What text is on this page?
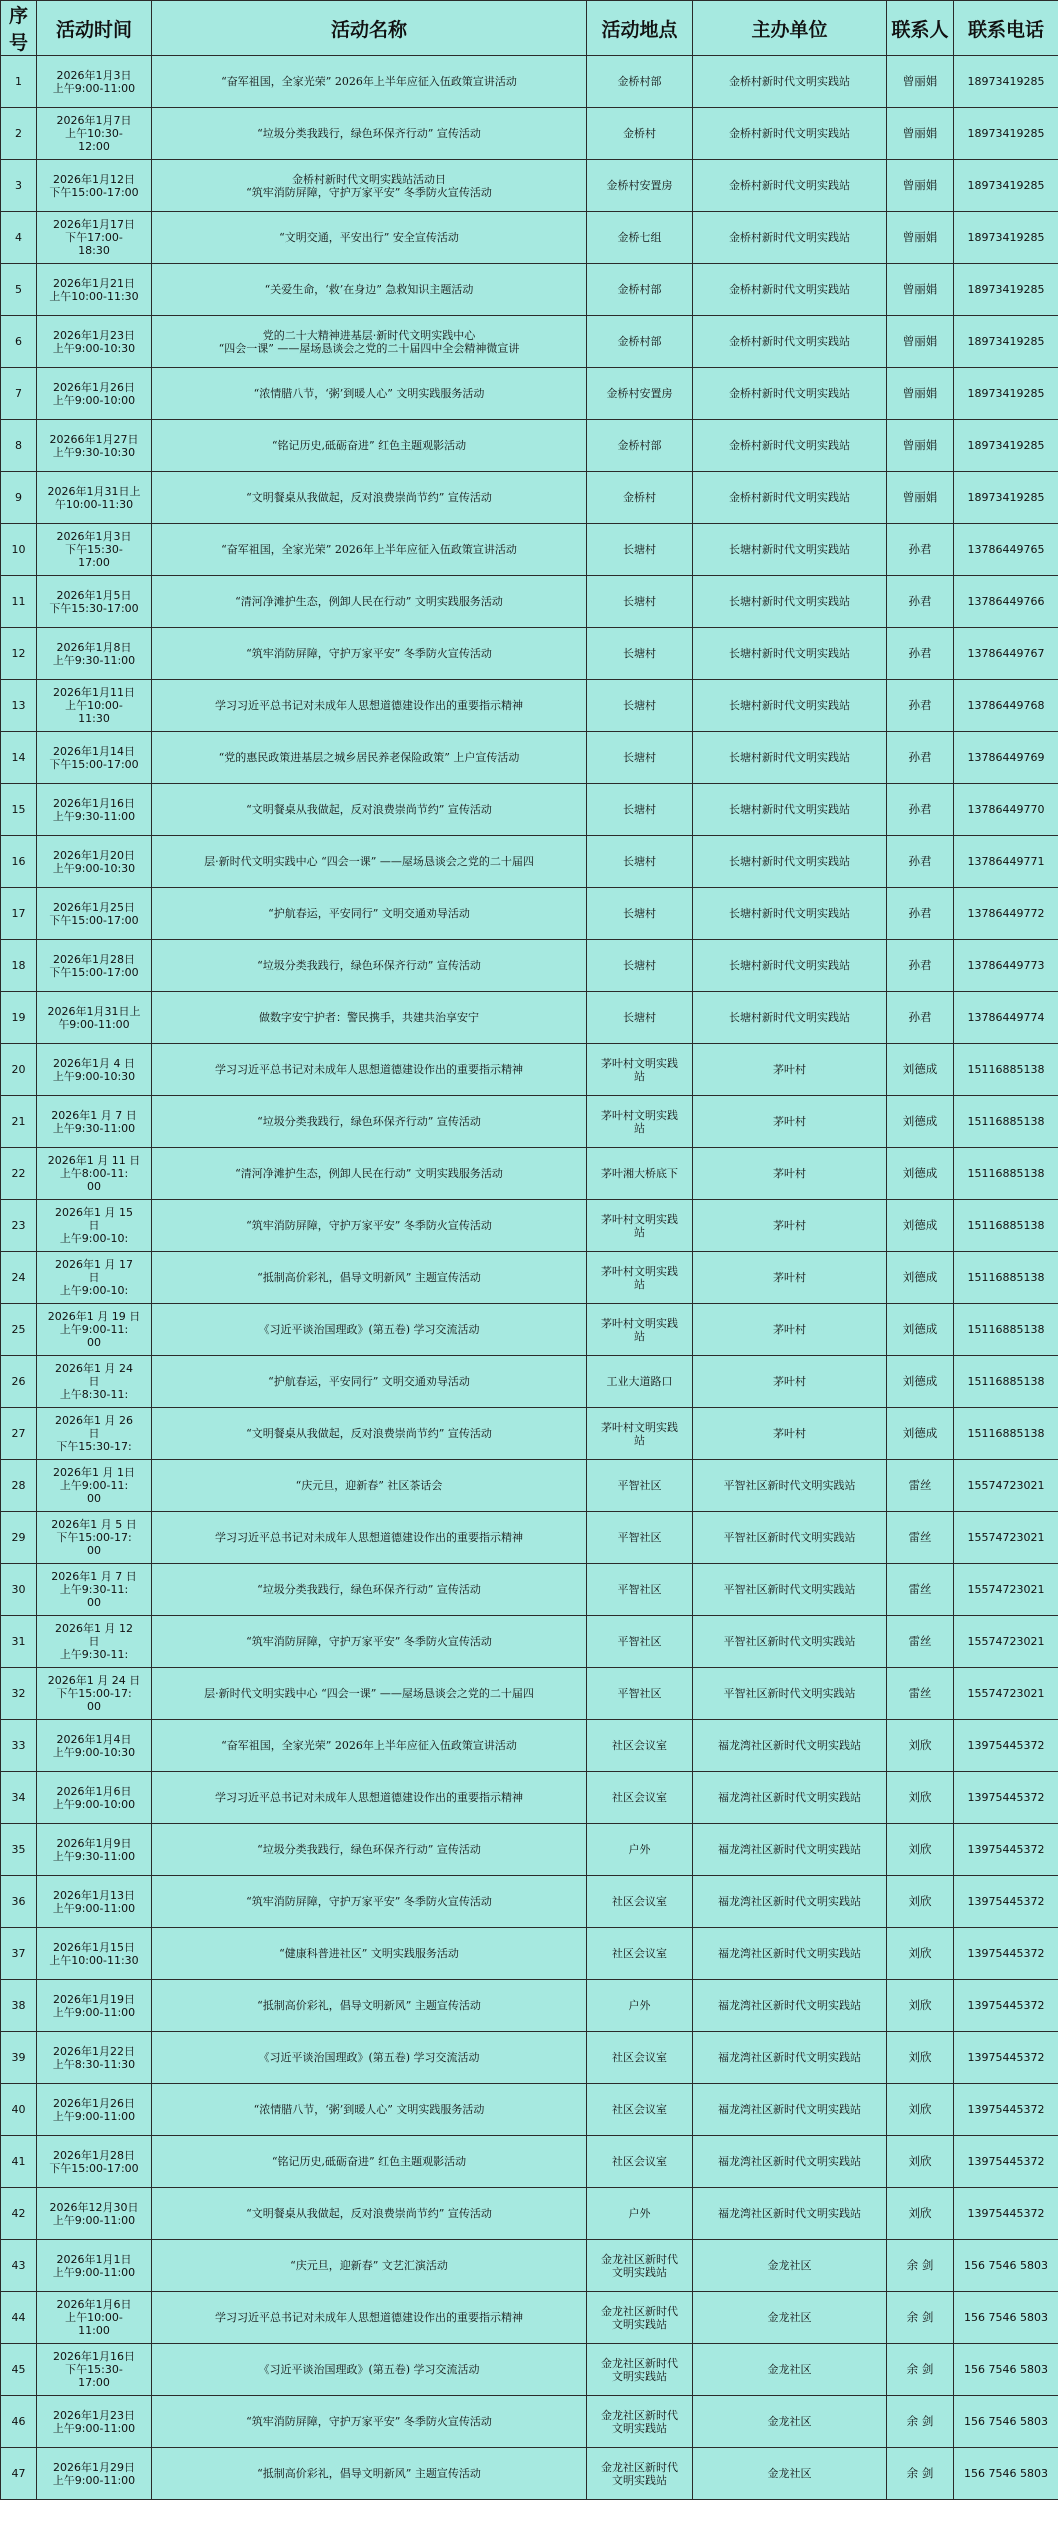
序号	活动时间	活动名称	活动地点	主办单位	联系人	联系电话
1	2026年1月3日
上午9:00-11:00	“奋军祖国，全家光荣” 2026年上半年应征入伍政策宣讲活动	金桥村部	金桥村新时代文明实践站	曾丽娟	18973419285
2	2026年1月7日
上午10:30-
12:00	“垃圾分类我践行，绿色环保齐行动” 宣传活动	金桥村	金桥村新时代文明实践站	曾丽娟	18973419285
3	2026年1月12日
下午15:00-17:00	金桥村新时代文明实践站活动日
“筑牢消防屏障，守护万家平安” 冬季防火宣传活动	金桥村安置房	金桥村新时代文明实践站	曾丽娟	18973419285
4	2026年1月17日
下午17:00-
18:30	“文明交通，平安出行” 安全宣传活动	金桥七组	金桥村新时代文明实践站	曾丽娟	18973419285
5	2026年1月21日
上午10:00-11:30	“关爱生命，‘救’在身边” 急救知识主题活动	金桥村部	金桥村新时代文明实践站	曾丽娟	18973419285
6	2026年1月23日
上午9:00-10:30	党的二十大精神进基层·新时代文明实践中心
“四会一课” ——屋场恳谈会之党的二十届四中全会精神微宣讲	金桥村部	金桥村新时代文明实践站	曾丽娟	18973419285
7	2026年1月26日
上午9:00-10:00	“浓情腊八节，‘粥’到暖人心” 文明实践服务活动	金桥村安置房	金桥村新时代文明实践站	曾丽娟	18973419285
8	20266年1月27日
上午9:30-10:30	“铭记历史,砥砺奋进” 红色主题观影活动	金桥村部	金桥村新时代文明实践站	曾丽娟	18973419285
9	2026年1月31日上
午10:00-11:30	“文明餐桌从我做起，反对浪费崇尚节约” 宣传活动	金桥村	金桥村新时代文明实践站	曾丽娟	18973419285
10	2026年1月3日
下午15:30-
17:00	“奋军祖国，全家光荣” 2026年上半年应征入伍政策宣讲活动	长塘村	长塘村新时代文明实践站	孙君	13786449765
11	2026年1月5日
下午15:30-17:00	“清河净滩护生态，例卸人民在行动” 文明实践服务活动	长塘村	长塘村新时代文明实践站	孙君	13786449766
12	2026年1月8日
上午9:30-11:00	“筑牢消防屏障，守护万家平安” 冬季防火宣传活动	长塘村	长塘村新时代文明实践站	孙君	13786449767
13	2026年1月11日
上午10:00-
11:30	学习习近平总书记对未成年人思想道德建设作出的重要指示精神	长塘村	长塘村新时代文明实践站	孙君	13786449768
14	2026年1月14日
下午15:00-17:00	“党的惠民政策进基层之城乡居民养老保险政策” 上户宣传活动	长塘村	长塘村新时代文明实践站	孙君	13786449769
15	2026年1月16日
上午9:30-11:00	“文明餐桌从我做起，反对浪费崇尚节约” 宣传活动	长塘村	长塘村新时代文明实践站	孙君	13786449770
16	2026年1月20日
上午9:00-10:30	层·新时代文明实践中心 “四会一课” ——屋场恳谈会之党的二十届四	长塘村	长塘村新时代文明实践站	孙君	13786449771
17	2026年1月25日
下午15:00-17:00	“护航春运，平安同行” 文明交通劝导活动	长塘村	长塘村新时代文明实践站	孙君	13786449772
18	2026年1月28日
下午15:00-17:00	“垃圾分类我践行，绿色环保齐行动” 宣传活动	长塘村	长塘村新时代文明实践站	孙君	13786449773
19	2026年1月31日上
午9:00-11:00	做数字安宁护者：警民携手，共建共治享安宁	长塘村	长塘村新时代文明实践站	孙君	13786449774
20	2026年1月 4 日
上午9:00-10:30	学习习近平总书记对未成年人思想道德建设作出的重要指示精神	茅叶村文明实践
站	茅叶村	刘德成	15116885138
21	2026年1 月 7 日
上午9:30-11:00	“垃圾分类我践行，绿色环保齐行动” 宣传活动	茅叶村文明实践
站	茅叶村	刘德成	15116885138
22	2026年1 月 11 日
上午8:00-11:
00	“清河净滩护生态，例卸人民在行动” 文明实践服务活动	茅叶湘大桥底下	茅叶村	刘德成	15116885138
23	2026年1 月 15
日
上午9:00-10:	“筑牢消防屏障，守护万家平安” 冬季防火宣传活动	茅叶村文明实践
站	茅叶村	刘德成	15116885138
24	2026年1 月 17
日
上午9:00-10:	“抵制高价彩礼，倡导文明新风” 主题宣传活动	茅叶村文明实践
站	茅叶村	刘德成	15116885138
25	2026年1 月 19 日
上午9:00-11:
00	《习近平谈治国理政》(第五卷) 学习交流活动	茅叶村文明实践
站	茅叶村	刘德成	15116885138
26	2026年1 月 24
日
上午8:30-11:	“护航春运，平安同行” 文明交通劝导活动	工业大道路口	茅叶村	刘德成	15116885138
27	2026年1 月 26
日
下午15:30-17:	“文明餐桌从我做起，反对浪费崇尚节约” 宣传活动	茅叶村文明实践
站	茅叶村	刘德成	15116885138
28	2026年1 月 1日
上午9:00-11:
00	“庆元旦，迎新春” 社区茶话会	平智社区	平智社区新时代文明实践站	雷丝	15574723021
29	2026年1 月 5 日
下午15:00-17:
00	学习习近平总书记对未成年人思想道德建设作出的重要指示精神	平智社区	平智社区新时代文明实践站	雷丝	15574723021
30	2026年1 月 7 日
上午9:30-11:
00	“垃圾分类我践行，绿色环保齐行动” 宣传活动	平智社区	平智社区新时代文明实践站	雷丝	15574723021
31	2026年1 月 12
日
上午9:30-11:	“筑牢消防屏障，守护万家平安” 冬季防火宣传活动	平智社区	平智社区新时代文明实践站	雷丝	15574723021
32	2026年1 月 24 日
下午15:00-17:
00	层·新时代文明实践中心 “四会一课” ——屋场恳谈会之党的二十届四	平智社区	平智社区新时代文明实践站	雷丝	15574723021
33	2026年1月4日
上午9:00-10:30	“奋军祖国，全家光荣” 2026年上半年应征入伍政策宣讲活动	社区会议室	福龙湾社区新时代文明实践站	刘欣	13975445372
34	2026年1月6日
上午9:00-10:00	学习习近平总书记对未成年人思想道德建设作出的重要指示精神	社区会议室	福龙湾社区新时代文明实践站	刘欣	13975445372
35	2026年1月9日
上午9:30-11:00	“垃圾分类我践行，绿色环保齐行动” 宣传活动	户外	福龙湾社区新时代文明实践站	刘欣	13975445372
36	2026年1月13日
上午9:00-11:00	“筑牢消防屏障，守护万家平安” 冬季防火宣传活动	社区会议室	福龙湾社区新时代文明实践站	刘欣	13975445372
37	2026年1月15日
上午10:00-11:30	“健康科普进社区” 文明实践服务活动	社区会议室	福龙湾社区新时代文明实践站	刘欣	13975445372
38	2026年1月19日
上午9:00-11:00	“抵制高价彩礼，倡导文明新风” 主题宣传活动	户外	福龙湾社区新时代文明实践站	刘欣	13975445372
39	2026年1月22日
上午8:30-11:30	《习近平谈治国理政》(第五卷) 学习交流活动	社区会议室	福龙湾社区新时代文明实践站	刘欣	13975445372
40	2026年1月26日
上午9:00-11:00	“浓情腊八节，‘粥’到暖人心” 文明实践服务活动	社区会议室	福龙湾社区新时代文明实践站	刘欣	13975445372
41	2026年1月28日
下午15:00-17:00	“铭记历史,砥砺奋进” 红色主题观影活动	社区会议室	福龙湾社区新时代文明实践站	刘欣	13975445372
42	2026年12月30日
上午9:00-11:00	“文明餐桌从我做起，反对浪费崇尚节约” 宣传活动	户外	福龙湾社区新时代文明实践站	刘欣	13975445372
43	2026年1月1日
上午9:00-11:00	“庆元旦，迎新春” 文艺汇演活动	金龙社区新时代
文明实践站	金龙社区	余 剑	156 7546 5803
44	2026年1月6日
上午10:00-
11:00	学习习近平总书记对未成年人思想道德建设作出的重要指示精神	金龙社区新时代
文明实践站	金龙社区	余 剑	156 7546 5803
45	2026年1月16日
下午15:30-
17:00	《习近平谈治国理政》(第五卷) 学习交流活动	金龙社区新时代
文明实践站	金龙社区	余 剑	156 7546 5803
46	2026年1月23日
上午9:00-11:00	“筑牢消防屏障，守护万家平安” 冬季防火宣传活动	金龙社区新时代
文明实践站	金龙社区	余 剑	156 7546 5803
47	2026年1月29日
上午9:00-11:00	“抵制高价彩礼，倡导文明新风” 主题宣传活动	金龙社区新时代
文明实践站	金龙社区	余 剑	156 7546 5803
